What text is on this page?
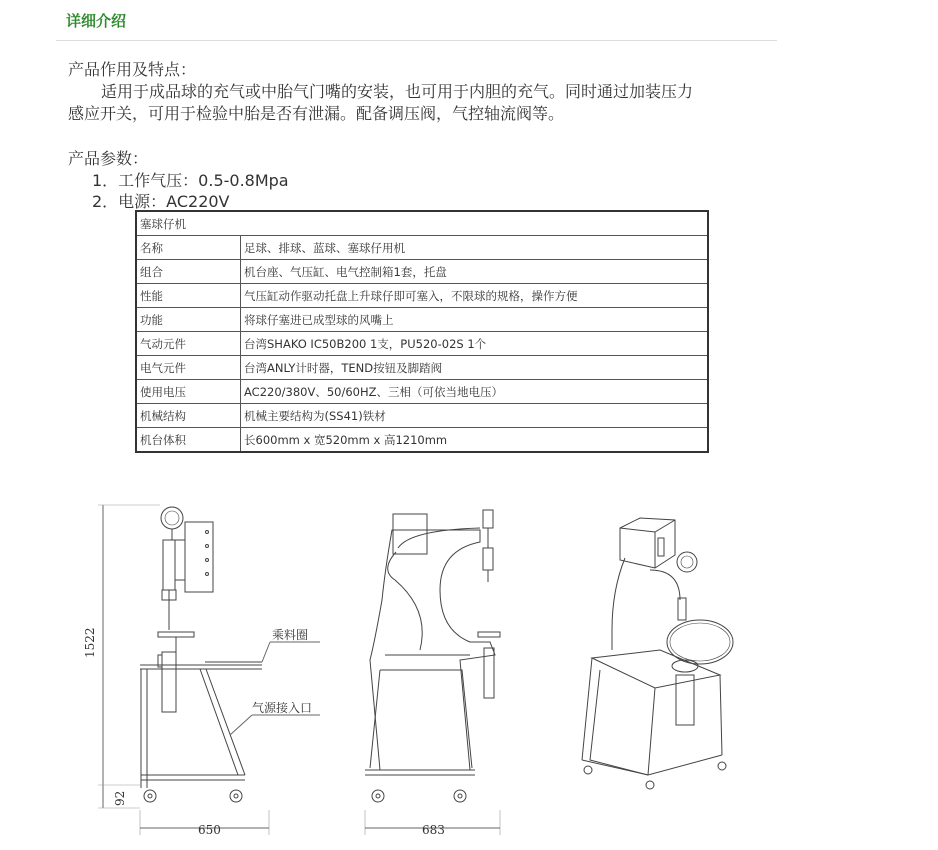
详细介绍
产品作用及特点：
适用于成品球的充气或中胎气门嘴的安装，也可用于内胆的充气。同时通过加装压力
感应开关，可用于检验中胎是否有泄漏。配备调压阀，气控轴流阀等。
产品参数：
1．工作气压：0.5-0.8Mpa
2．电源：AC220V
塞球仔机	
名称	足球、排球、蓝球、塞球仔用机
组合	机台座、气压缸、电气控制箱1套，托盘
性能	气压缸动作驱动托盘上升球仔即可塞入，不限球的规格，操作方便
功能	将球仔塞进已成型球的风嘴上
气动元件	台湾SHAKO IC50B200 1支，PU520-02S 1个
电气元件	台湾ANLY计时器，TEND按钮及脚踏阀
使用电压	AC220/380V、50/60HZ、三相（可依当地电压）
机械结构	机械主要结构为(SS41)铁材
机台体积	长600mm x 宽520mm x 高1210mm
1522
92
650	683
乘料圈
气源接入口
